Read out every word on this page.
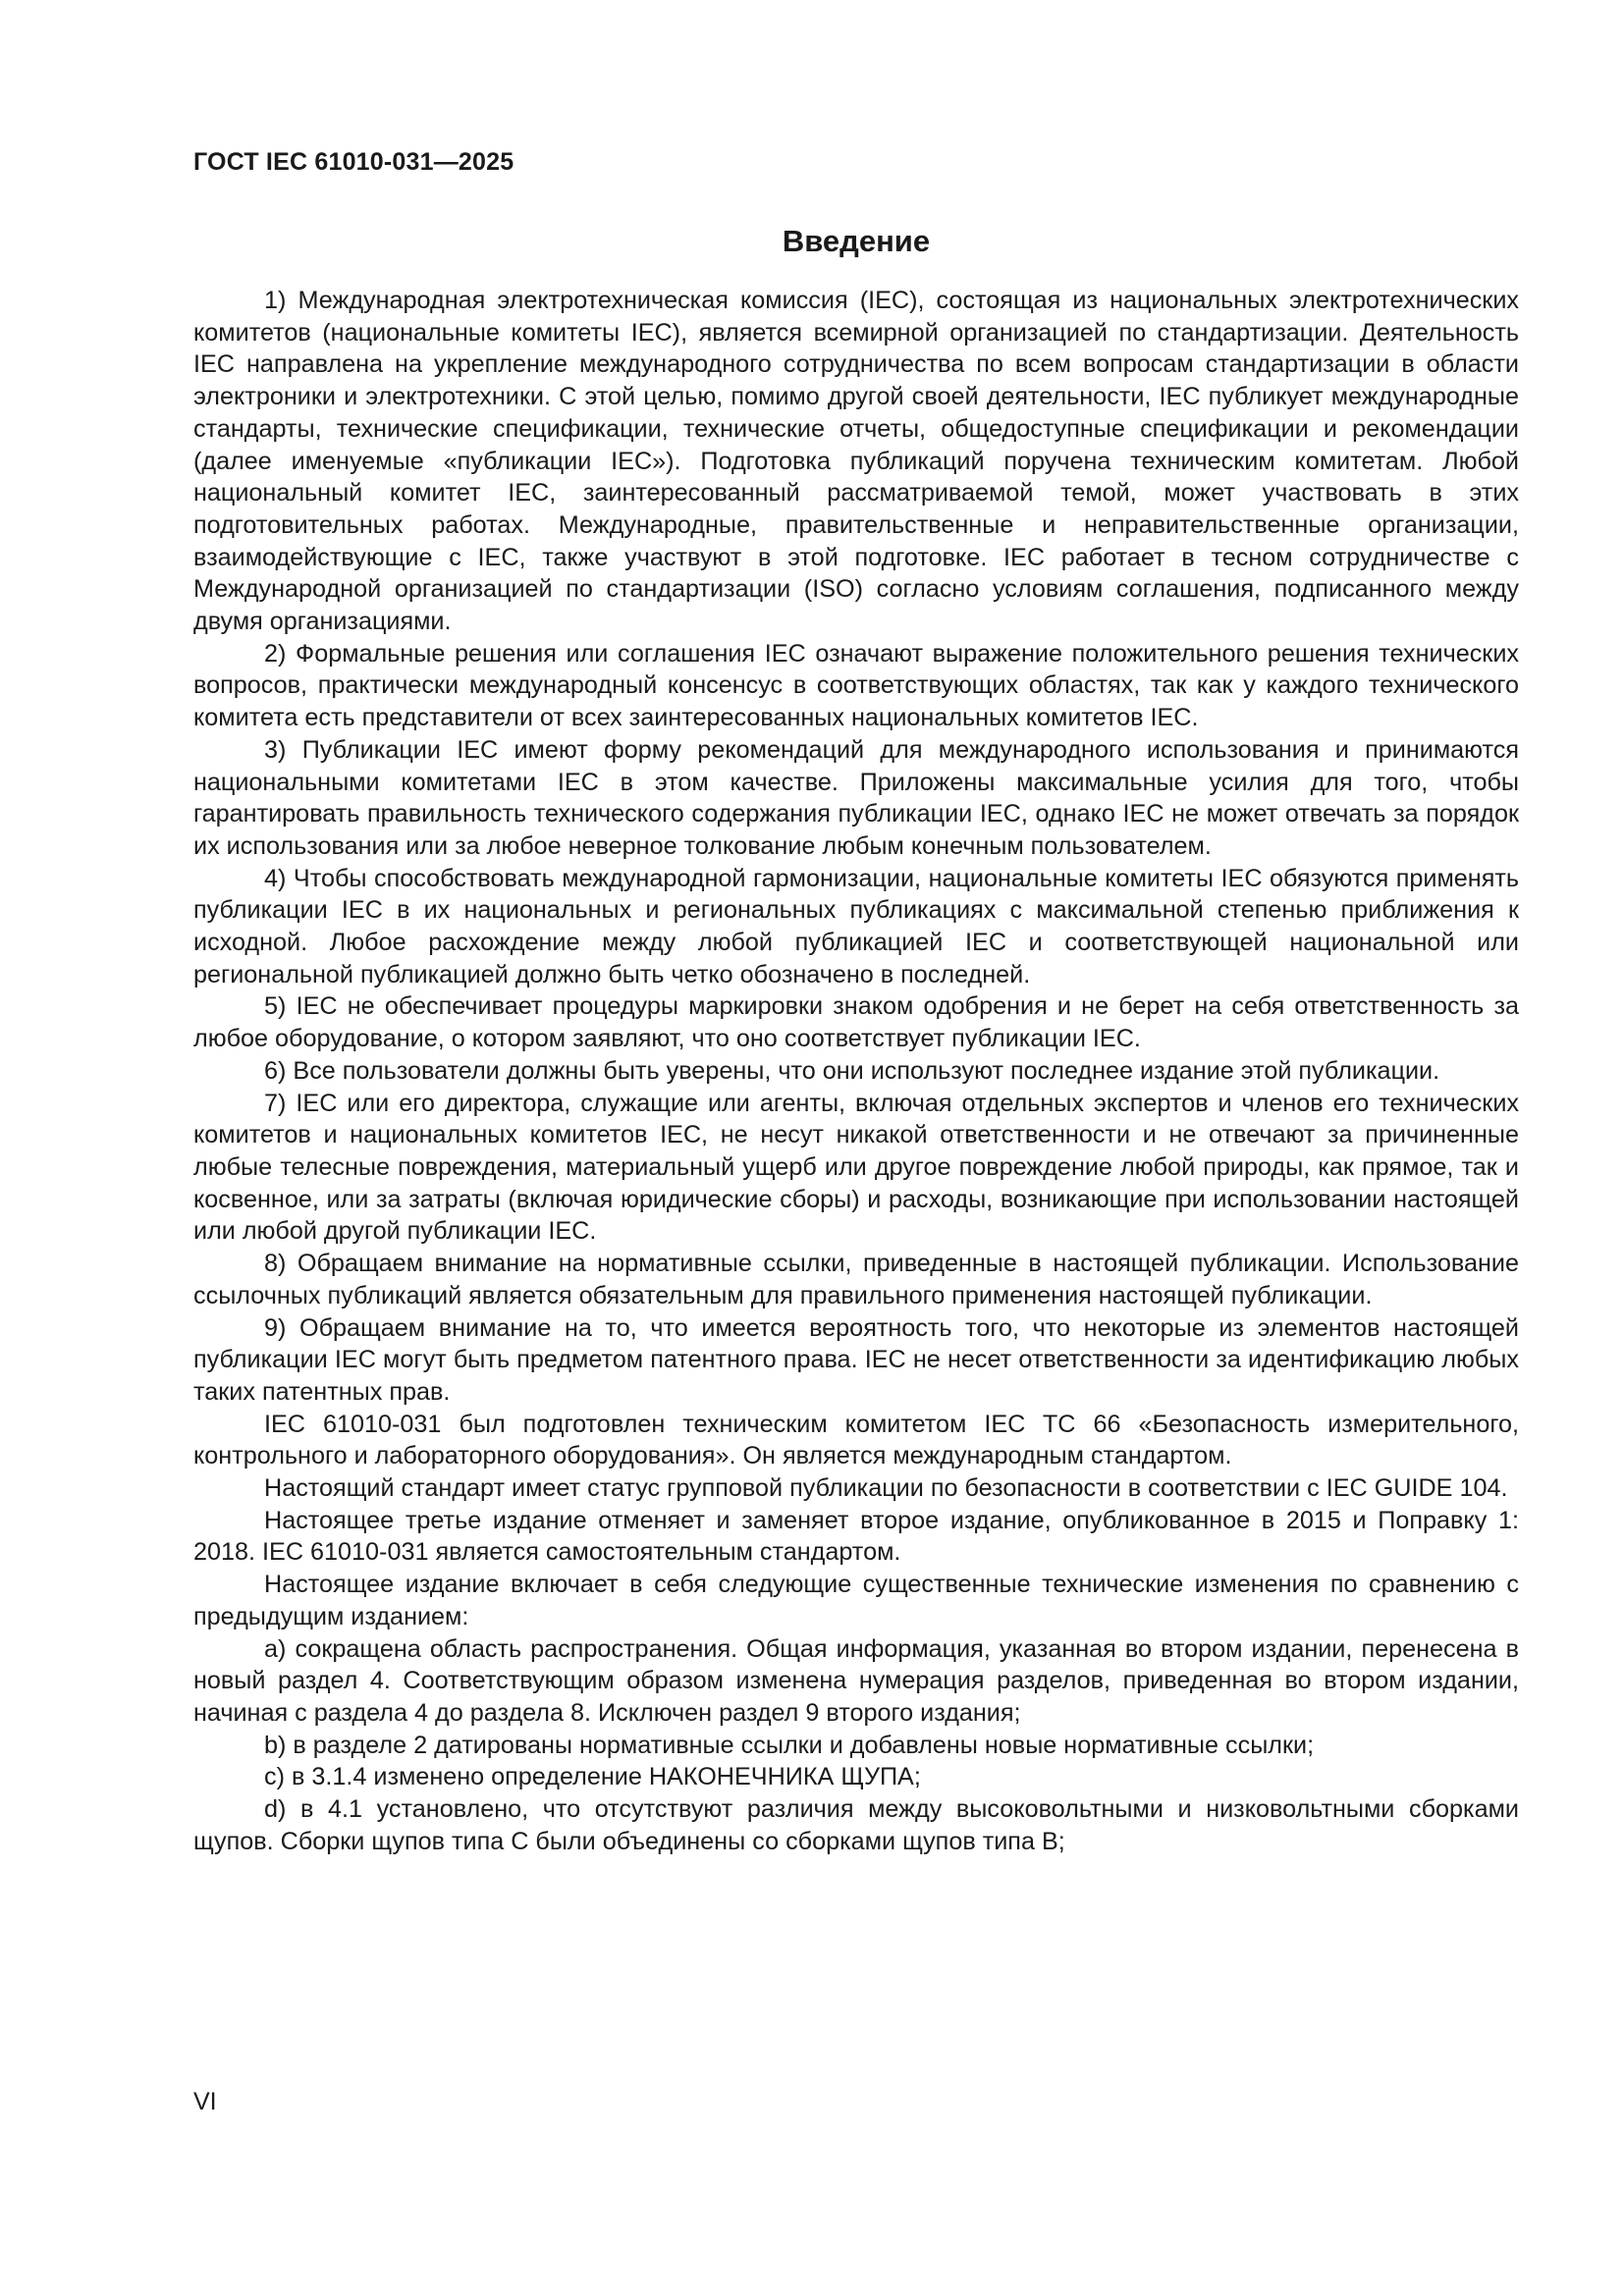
ГОСТ IEC 61010-031—2025
Введение

1) Международная электротехническая комиссия (IEC), состоящая из национальных электротехнических комитетов (национальные комитеты IEC), является всемирной организацией по стандартизации. Деятельность IEC направлена на укрепление международного сотрудничества по всем вопросам стандартизации в области электроники и электротехники. С этой целью, помимо другой своей деятельности, IEC публикует международные стандарты, технические спецификации, технические отчеты, общедоступные спецификации и рекомендации (далее именуемые «публикации IEC»). Подготовка публикаций поручена техническим комитетам. Любой национальный комитет IEC, заинтересованный рассматриваемой темой, может участвовать в этих подготовительных работах. Международные, правительственные и неправительственные организации, взаимодействующие с IEC, также участвуют в этой подготовке. IEC работает в тесном сотрудничестве с Международной организацией по стандартизации (ISO) согласно условиям соглашения, подписанного между двумя организациями.

2) Формальные решения или соглашения IEC означают выражение положительного решения технических вопросов, практически международный консенсус в соответствующих областях, так как у каждого технического комитета есть представители от всех заинтересованных национальных комитетов IEC.

3) Публикации IEC имеют форму рекомендаций для международного использования и принимаются национальными комитетами IEC в этом качестве. Приложены максимальные усилия для того, чтобы гарантировать правильность технического содержания публикации IEC, однако IEC не может отвечать за порядок их использования или за любое неверное толкование любым конечным пользователем.

4) Чтобы способствовать международной гармонизации, национальные комитеты IEC обязуются применять публикации IEC в их национальных и региональных публикациях с максимальной степенью приближения к исходной. Любое расхождение между любой публикацией IEC и соответствующей национальной или региональной публикацией должно быть четко обозначено в последней.

5) IEC не обеспечивает процедуры маркировки знаком одобрения и не берет на себя ответственность за любое оборудование, о котором заявляют, что оно соответствует публикации IEC.

6) Все пользователи должны быть уверены, что они используют последнее издание этой публикации.

7) IEC или его директора, служащие или агенты, включая отдельных экспертов и членов его технических комитетов и национальных комитетов IEC, не несут никакой ответственности и не отвечают за причиненные любые телесные повреждения, материальный ущерб или другое повреждение любой природы, как прямое, так и косвенное, или за затраты (включая юридические сборы) и расходы, возникающие при использовании настоящей или любой другой публикации IEC.

8) Обращаем внимание на нормативные ссылки, приведенные в настоящей публикации. Использование ссылочных публикаций является обязательным для правильного применения настоящей публикации.

9) Обращаем внимание на то, что имеется вероятность того, что некоторые из элементов настоящей публикации IEC могут быть предметом патентного права. IEC не несет ответственности за идентификацию любых таких патентных прав.

IEC 61010-031 был подготовлен техническим комитетом IEC TC 66 «Безопасность измерительного, контрольного и лабораторного оборудования». Он является международным стандартом.

Настоящий стандарт имеет статус групповой публикации по безопасности в соответствии с IEC GUIDE 104.

Настоящее третье издание отменяет и заменяет второе издание, опубликованное в 2015 и Поправку 1: 2018. IEC 61010-031 является самостоятельным стандартом.

Настоящее издание включает в себя следующие существенные технические изменения по сравнению с предыдущим изданием:

a) сокращена область распространения. Общая информация, указанная во втором издании, перенесена в новый раздел 4. Соответствующим образом изменена нумерация разделов, приведенная во втором издании, начиная с раздела 4 до раздела 8. Исключен раздел 9 второго издания;

b) в разделе 2 датированы нормативные ссылки и добавлены новые нормативные ссылки;

c) в 3.1.4 изменено определение НАКОНЕЧНИКА ЩУПА;

d) в 4.1 установлено, что отсутствуют различия между высоковольтными и низковольтными сборками щупов. Сборки щупов типа C были объединены со сборками щупов типа B;

VI
